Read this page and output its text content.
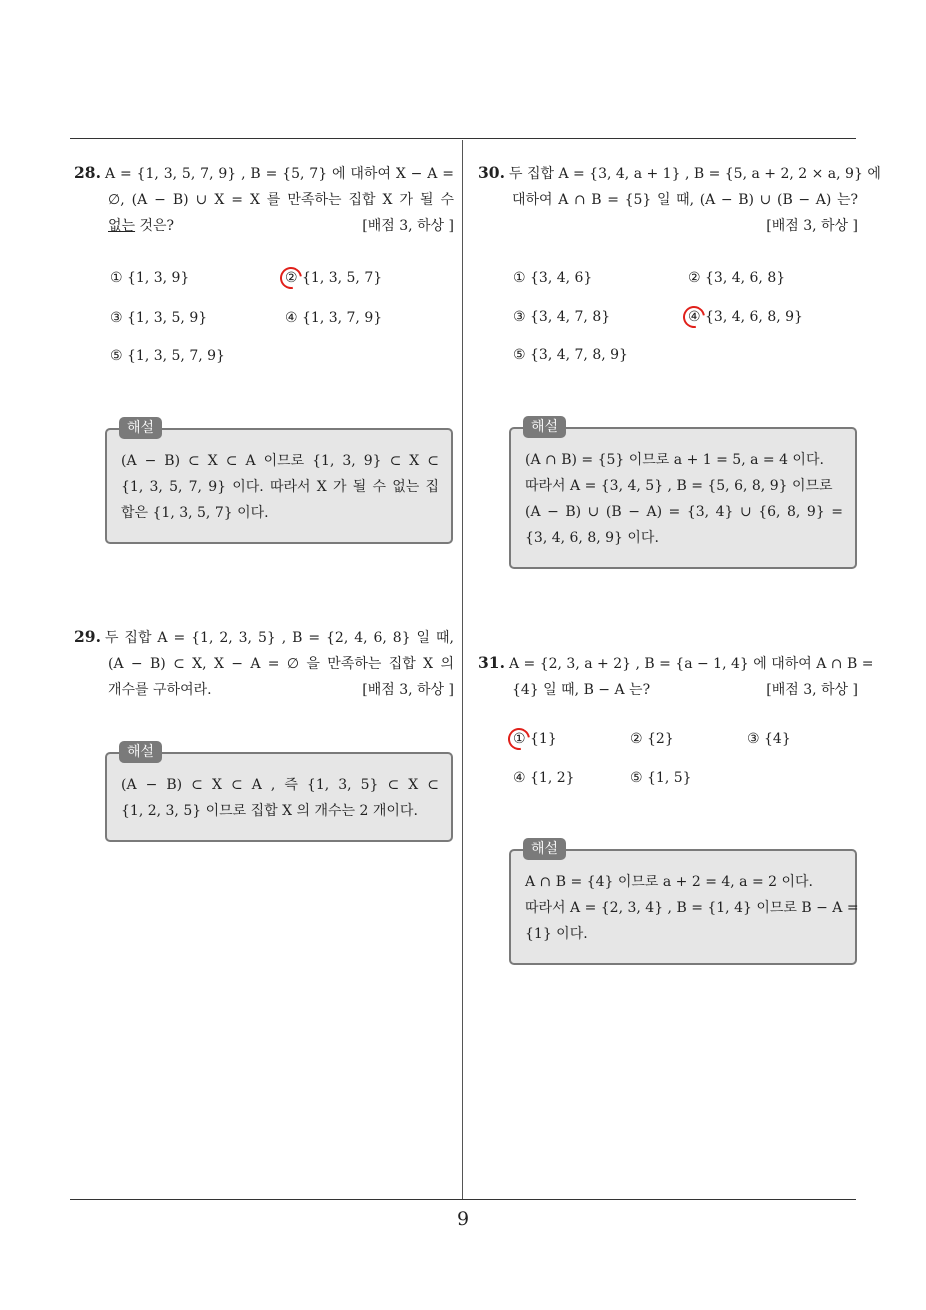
9
28. A = {1, 3, 5, 7, 9} , B = {5, 7} 에 대하여 X − A =
∅, (A − B) ∪ X = X 를 만족하는 집합 X 가 될 수
없는 것은?	[배점 3, 하상 ]
① {1, 3, 9}	② {1, 3, 5, 7}
③ {1, 3, 5, 9}	④ {1, 3, 7, 9}
⑤ {1, 3, 5, 7, 9}
해설
(A − B) ⊂ X ⊂ A 이므로 {1, 3, 9} ⊂ X ⊂
{1, 3, 5, 7, 9} 이다. 따라서 X 가 될 수 없는 집
합은 {1, 3, 5, 7} 이다.
29. 두 집합 A = {1, 2, 3, 5} , B = {2, 4, 6, 8} 일 때,
(A − B) ⊂ X, X − A = ∅ 을 만족하는 집합 X 의
개수를 구하여라.	[배점 3, 하상 ]
해설
(A − B) ⊂ X ⊂ A , 즉 {1, 3, 5} ⊂ X ⊂
{1, 2, 3, 5} 이므로 집합 X 의 개수는 2 개이다.
30. 두 집합 A = {3, 4, a + 1} , B = {5, a + 2, 2 × a, 9} 에
대하여 A ∩ B = {5} 일 때, (A − B) ∪ (B − A) 는?
[배점 3, 하상 ]
① {3, 4, 6}	② {3, 4, 6, 8}
③ {3, 4, 7, 8}	④ {3, 4, 6, 8, 9}
⑤ {3, 4, 7, 8, 9}
해설
(A ∩ B) = {5} 이므로 a + 1 = 5, a = 4 이다.
따라서 A = {3, 4, 5} , B = {5, 6, 8, 9} 이므로
(A − B) ∪ (B − A) = {3, 4} ∪ {6, 8, 9} =
{3, 4, 6, 8, 9} 이다.
31. A = {2, 3, a + 2} , B = {a − 1, 4} 에 대하여 A ∩ B =
{4} 일 때, B − A 는?	[배점 3, 하상 ]
① {1}	② {2}	③ {4}
④ {1, 2}	⑤ {1, 5}
해설
A ∩ B = {4} 이므로 a + 2 = 4, a = 2 이다.
따라서 A = {2, 3, 4} , B = {1, 4} 이므로 B − A =
{1} 이다.
